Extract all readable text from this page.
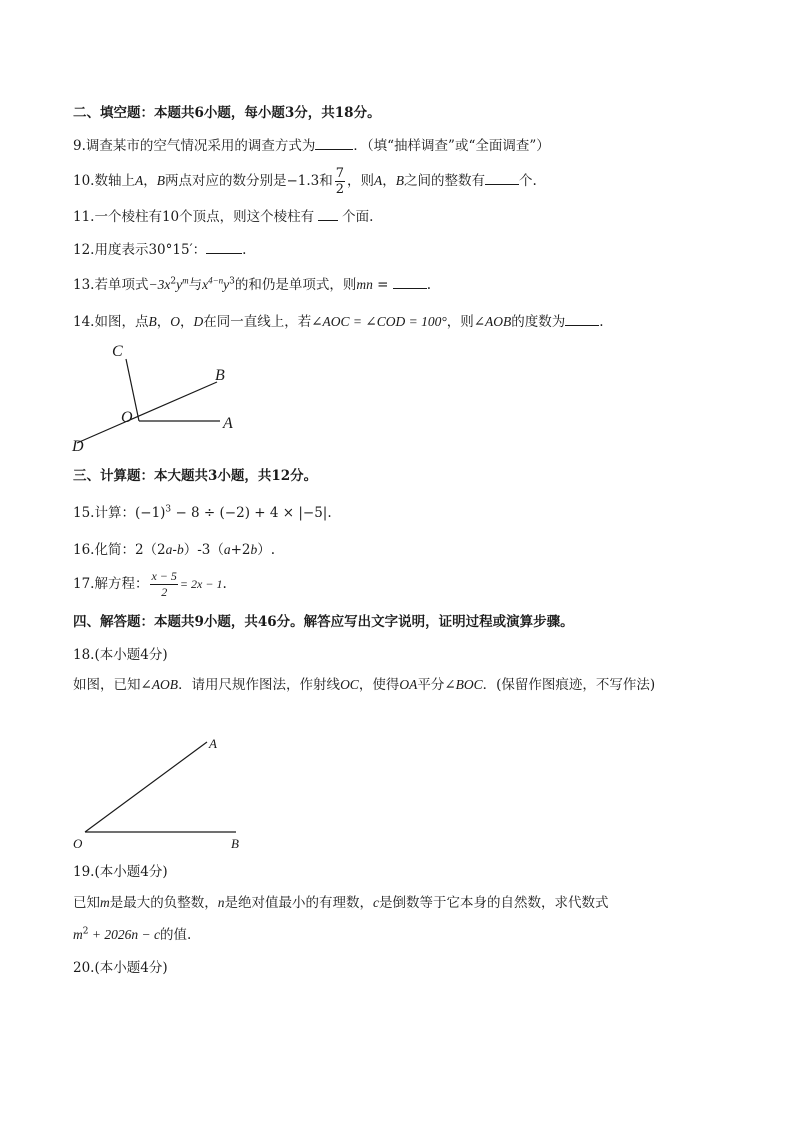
二、填空题：本题共6小题，每小题3分，共18分。
9.调查某市的空气情况采用的调查方式为	．（填“抽样调查”或“全面调查”）
10.数轴上A，B两点对应的数分别是−1.3和 $\frac{7}{2}$ ，则A，B之间的整数有	个.
11.一个棱柱有10个顶点，则这个棱柱有 个面.
12.用度表示30°15′：	.
13.若单项式$-3x^2y^m$与$x^{4-n}y^3$的和仍是单项式，则mn =	.
14.如图，点B，O，D在同一直线上，若∠AOC = ∠COD = 100°，则∠AOB的度数为	.
C
B
O	A
D
三、计算题：本大题共3小题，共12分。
15.计算：$(-1)^3 - 8 \div (-2) + 4 \times |-5|$.
16.化简：2（2a-b）-3（a+2b）.
17.解方程： $\frac{x - 5}{2} = 2x - 1$.
四、解答题：本题共9小题，共46分。解答应写出文字说明，证明过程或演算步骤。
18.(本小题4分)
如图，已知∠AOB．请用尺规作图法，作射线OC，使得OA平分∠BOC．(保留作图痕迹，不写作法)
A
O	B
19.(本小题4分)
已知m是最大的负整数，n是绝对值最小的有理数，c是倒数等于它本身的自然数，求代数式
$m^2 + 2026n - c$的值.
20.(本小题4分)
